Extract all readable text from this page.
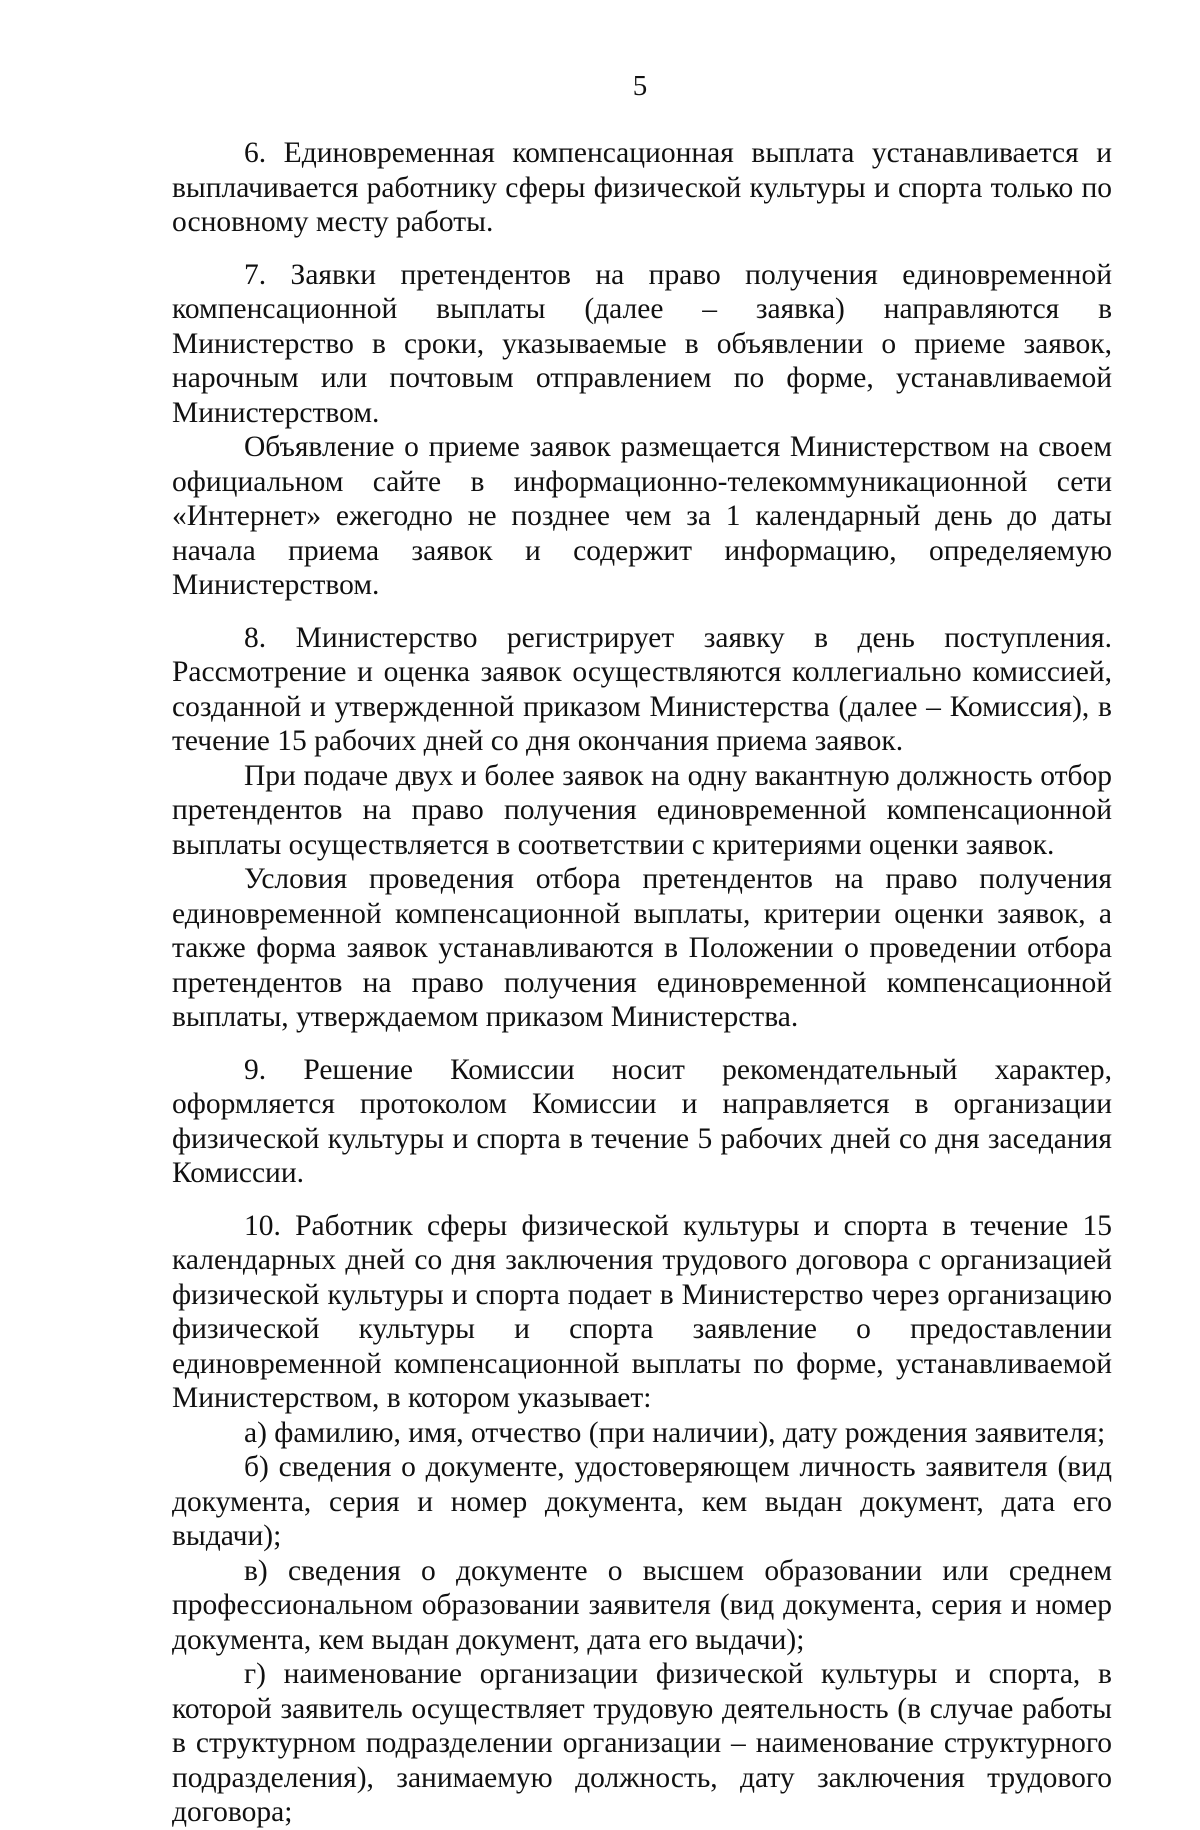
5

6. Единовременная компенсационная выплата устанавливается и выплачивается работнику сферы физической культуры и спорта только по основному месту работы.

7. Заявки претендентов на право получения единовременной компенсационной выплаты (далее – заявка) направляются в Министерство в сроки, указываемые в объявлении о приеме заявок, нарочным или почтовым отправлением по форме, устанавливаемой Министерством.

Объявление о приеме заявок размещается Министерством на своем официальном сайте в информационно-телекоммуникационной сети «Интернет» ежегодно не позднее чем за 1 календарный день до даты начала приема заявок и содержит информацию, определяемую Министерством.

8. Министерство регистрирует заявку в день поступления. Рассмотрение и оценка заявок осуществляются коллегиально комиссией, созданной и утвержденной приказом Министерства (далее – Комиссия), в течение 15 рабочих дней со дня окончания приема заявок.

При подаче двух и более заявок на одну вакантную должность отбор претендентов на право получения единовременной компенсационной выплаты осуществляется в соответствии с критериями оценки заявок.

Условия проведения отбора претендентов на право получения единовременной компенсационной выплаты, критерии оценки заявок, а также форма заявок устанавливаются в Положении о проведении отбора претендентов на право получения единовременной компенсационной выплаты, утверждаемом приказом Министерства.

9. Решение Комиссии носит рекомендательный характер, оформляется протоколом Комиссии и направляется в организации физической культуры и спорта в течение 5 рабочих дней со дня заседания Комиссии.

10. Работник сферы физической культуры и спорта в течение 15 календарных дней со дня заключения трудового договора с организацией физической культуры и спорта подает в Министерство через организацию физической культуры и спорта заявление о предоставлении единовременной компенсационной выплаты по форме, устанавливаемой Министерством, в котором указывает:

а) фамилию, имя, отчество (при наличии), дату рождения заявителя;

б) сведения о документе, удостоверяющем личность заявителя (вид документа, серия и номер документа, кем выдан документ, дата его выдачи);

в) сведения о документе о высшем образовании или среднем профессиональном образовании заявителя (вид документа, серия и номер документа, кем выдан документ, дата его выдачи);

г) наименование организации физической культуры и спорта, в которой заявитель осуществляет трудовую деятельность (в случае работы в структурном подразделении организации – наименование структурного подразделения), занимаемую должность, дату заключения трудового договора;
